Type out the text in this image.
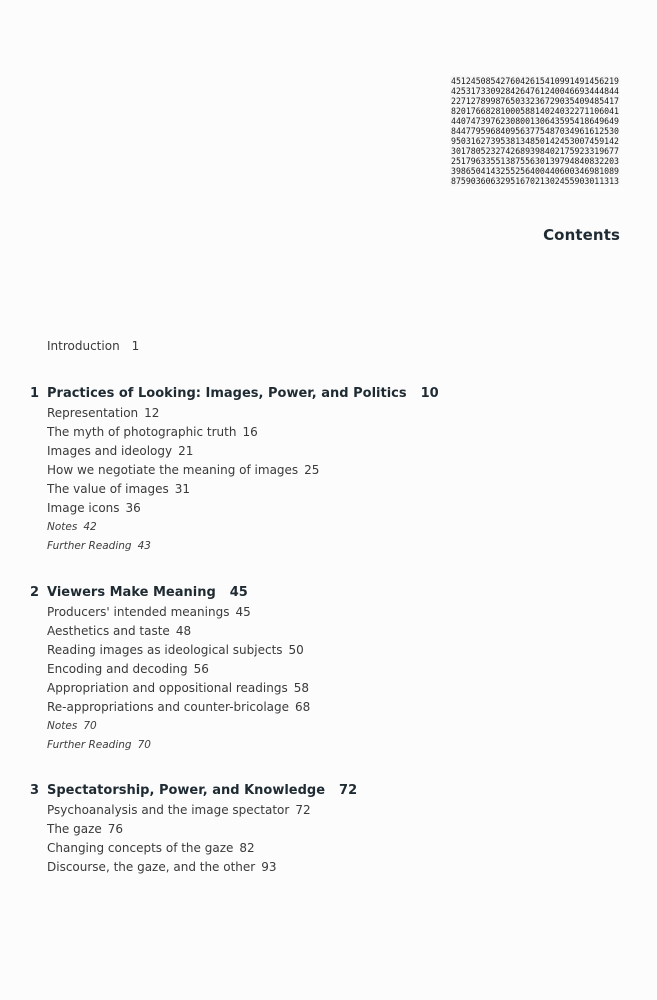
4512450854276042615410991491456219
4253173309284264761240046693444844
2271278998765033236729035409485417
8201766828100058814024032271106041
4407473976230800130643595418649649
8447795968409563775487034961612530
9503162739538134850142453007459142
3017805232742689398402175923319677
2517963355138755630139794840832203
3986504143255256400440600346981089
8759036063295167021302455903011313
Contents
Introduction 1
1 Practices of Looking: Images, Power, and Politics 10
Representation 12
The myth of photographic truth 16
Images and ideology 21
How we negotiate the meaning of images 25
The value of images 31
Image icons 36
Notes 42
Further Reading 43
2 Viewers Make Meaning 45
Producers' intended meanings 45
Aesthetics and taste 48
Reading images as ideological subjects 50
Encoding and decoding 56
Appropriation and oppositional readings 58
Re-appropriations and counter-bricolage 68
Notes 70
Further Reading 70
3 Spectatorship, Power, and Knowledge 72
Psychoanalysis and the image spectator 72
The gaze 76
Changing concepts of the gaze 82
Discourse, the gaze, and the other 93
